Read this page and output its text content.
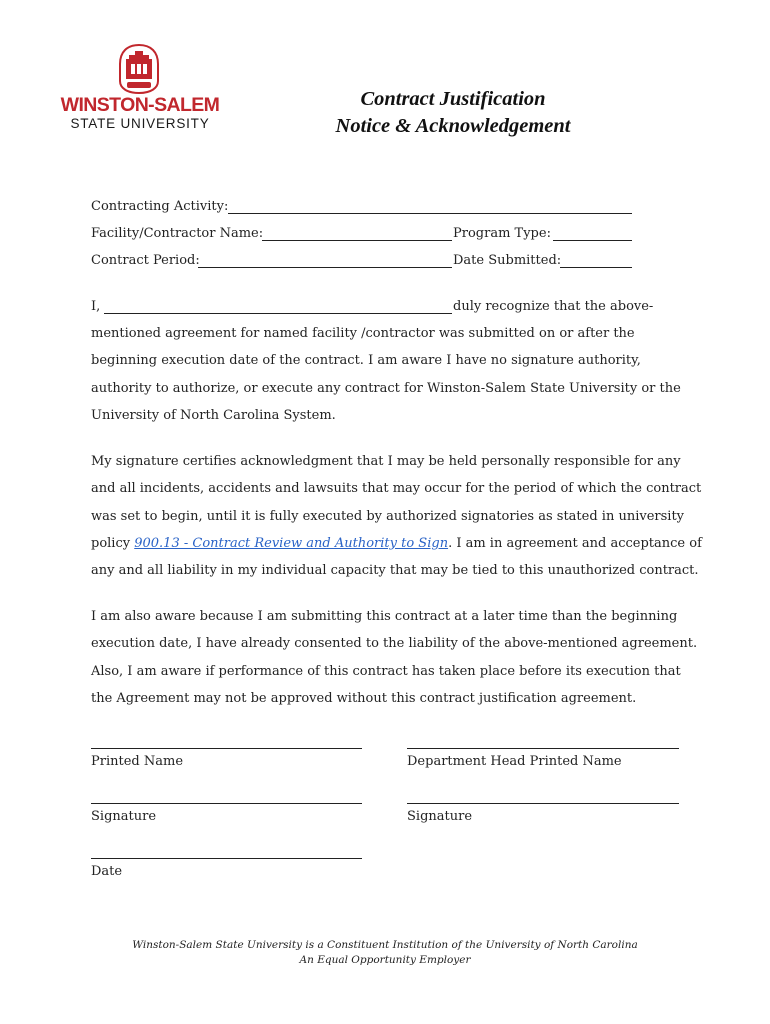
WINSTON-SALEM
STATE UNIVERSITY
Contract Justification
Notice & Acknowledgement
Contracting Activity:
Facility/Contractor Name:	Program Type:
Contract Period:	Date Submitted:
I,	duly recognize that the above-
mentioned agreement for named facility /contractor was submitted on or after the
beginning execution date of the contract. I am aware I have no signature authority,
authority to authorize, or execute any contract for Winston-Salem State University or the
University of North Carolina System.
My signature certifies acknowledgment that I may be held personally responsible for any
and all incidents, accidents and lawsuits that may occur for the period of which the contract
was set to begin, until it is fully executed by authorized signatories as stated in university
policy 900.13 - Contract Review and Authority to Sign. I am in agreement and acceptance of
any and all liability in my individual capacity that may be tied to this unauthorized contract.
I am also aware because I am submitting this contract at a later time than the beginning
execution date, I have already consented to the liability of the above-mentioned agreement.
Also, I am aware if performance of this contract has taken place before its execution that
the Agreement may not be approved without this contract justification agreement.
Printed Name	Department Head Printed Name
Signature	Signature
Date
Winston-Salem State University is a Constituent Institution of the University of North Carolina
An Equal Opportunity Employer
